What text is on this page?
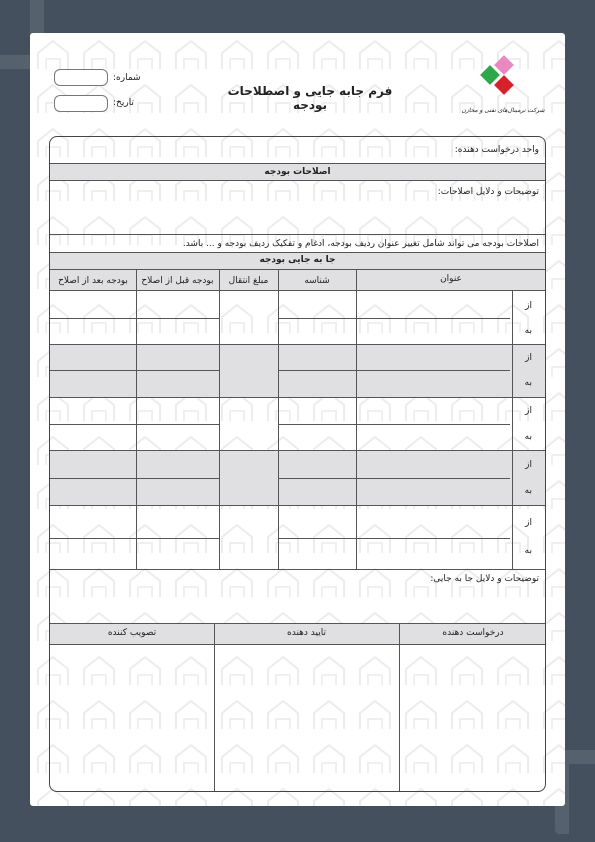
فرم جابه جایی و اصطلاحات بودجه
شماره:
تاریخ:
شرکت ترمینال‌های نفتی و مخازن
واحد درخواست دهنده:
اصلاحات بودجه
توضیحات و دلایل اصلاحات:
اصلاحات بودجه می تواند شامل تغییر عنوان ردیف بودجه، ادغام و تفکیک ردیف بودجه و ... باشد.
جا به جایی بودجه
عنوان
شناسه
مبلغ انتقال
بودجه قبل از اصلاح
بودجه بعد از اصلاح
از
به
از
به
از
به
از
به
از
به
توضیحات و دلایل جا به جایی:
تصویب کننده	تایید دهنده	درخواست دهنده
